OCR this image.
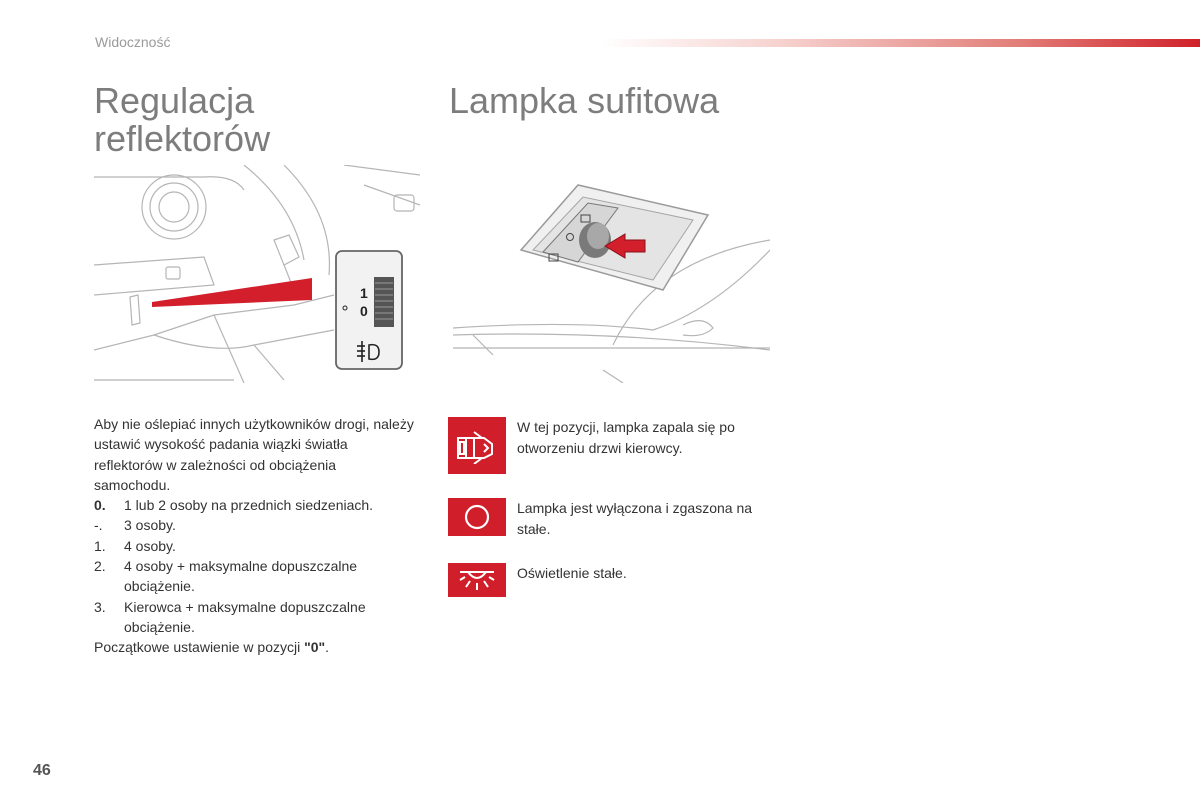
Widoczność
Regulacja reflektorów
Lampka sufitowa
1
0

Aby nie oślepiać innych użytkowników drogi, należy ustawić wysokość padania wiązki światła reflektorów w zależności od obciążenia samochodu.

0.	1 lub 2 osoby na przednich siedzeniach.
-.	3 osoby.
1.	4 osoby.
2.	4 osoby + maksymalne dopuszczalne obciążenie.
3.	Kierowca + maksymalne dopuszczalne obciążenie.

Początkowe ustawienie w pozycji "0".

W tej pozycji, lampka zapala się po
otworzeniu drzwi kierowcy.
Lampka jest wyłączona i zgaszona na stałe.
Oświetlenie stałe.
46
